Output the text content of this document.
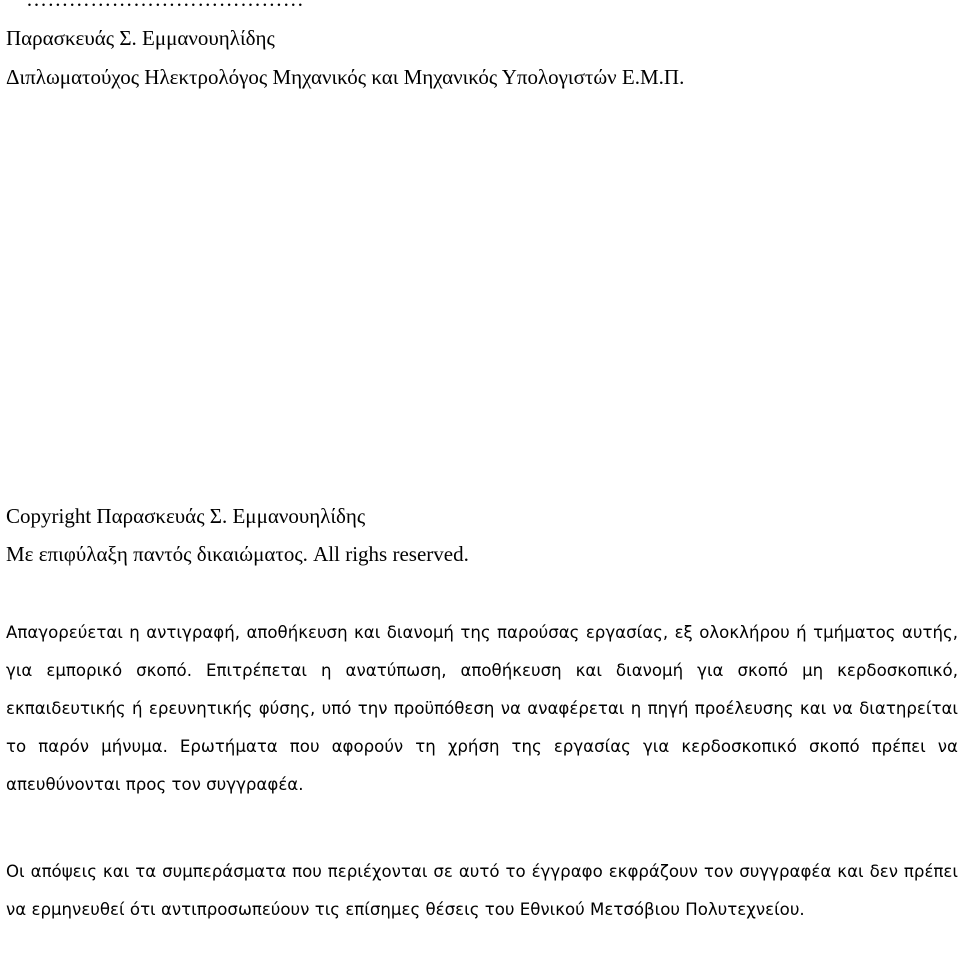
Παρασκευάς Σ. Εμμανουηλίδης
Διπλωματούχος Ηλεκτρολόγος Μηχανικός και Μηχανικός Υπολογιστών Ε.Μ.Π.
Copyright Παρασκευάς Σ. Εμμανουηλίδης
Με επιφύλαξη παντός δικαιώματος. All righs reserved.

Απαγορεύεται η αντιγραφή, αποθήκευση και διανομή της παρούσας εργασίας, εξ ολοκλήρου ή τμήματος αυτής, για εμπορικό σκοπό. Επιτρέπεται η ανατύπωση, αποθήκευση και διανομή για σκοπό μη κερδοσκοπικό, εκπαιδευτικής ή ερευνητικής φύσης, υπό την προϋπόθεση να αναφέρεται η πηγή προέλευσης και να διατηρείται το παρόν μήνυμα. Ερωτήματα που αφορούν τη χρήση της εργασίας για κερδοσκοπικό σκοπό πρέπει να απευθύνονται προς τον συγγραφέα.

Οι απόψεις και τα συμπεράσματα που περιέχονται σε αυτό το έγγραφο εκφράζουν τον συγγραφέα και δεν πρέπει να ερμηνευθεί ότι αντιπροσωπεύουν τις επίσημες θέσεις του Εθνικού Μετσόβιου Πολυτεχνείου.
